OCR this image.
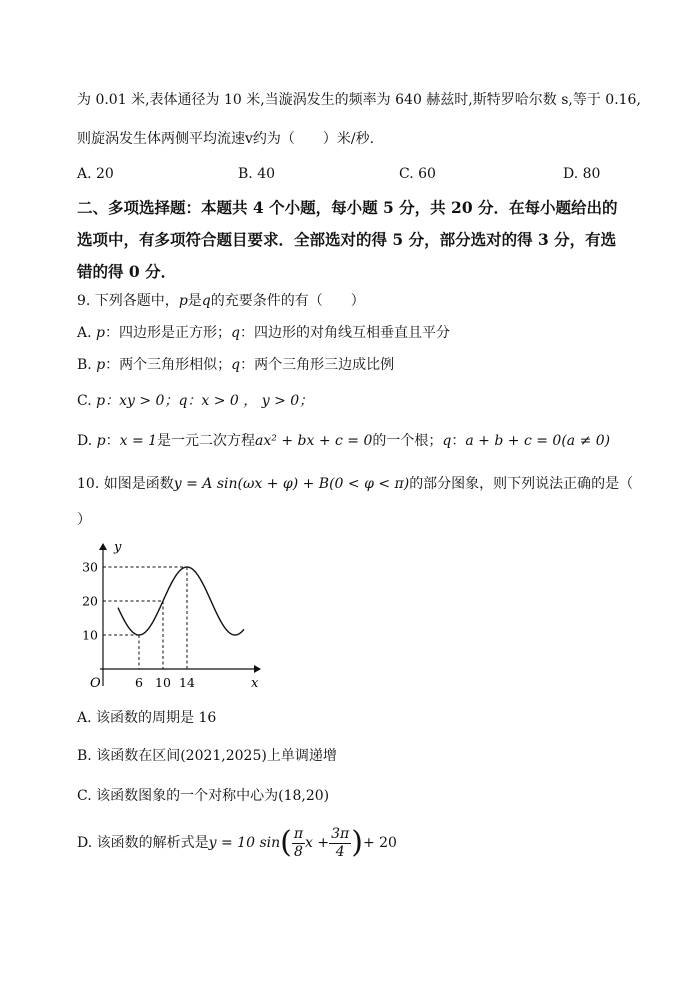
为 0.01 米,表体通径为 10 米,当漩涡发生的频率为 640 赫兹时,斯特罗哈尔数 s,等于 0.16,
则旋涡发生体两侧平均流速v约为（　　）米/秒.
A. 20	B. 40	C. 60	D. 80
二、多项选择题：本题共 4 个小题，每小题 5 分，共 20 分．在每小题给出的
选项中，有多项符合题目要求．全部选对的得 5 分，部分选对的得 3 分，有选
错的得 0 分．
9. 下列各题中，p是q的充要条件的有（　　）
A. p：四边形是正方形；q：四边形的对角线互相垂直且平分
B. p：两个三角形相似；q：两个三角形三边成比例
C. p：xy > 0；q：x > 0 ， y > 0；
D. p：x = 1是一元二次方程ax² + bx + c = 0的一个根；q：a + b + c = 0(a ≠ 0)
10. 如图是函数y = A sin(ωx + φ) + B(0 < φ < π)的部分图象，则下列说法正确的是（
）
y
x
O	6 10 14
10
20
30
A. 该函数的周期是 16
B. 该函数在区间(2021,2025)上单调递增
C. 该函数图象的一个对称中心为(18,20)
D. 该函数的解析式是y = 10 $\sin( \frac{\pi}{8}$ $x + \frac{3\pi}{4}$ )+ 20
